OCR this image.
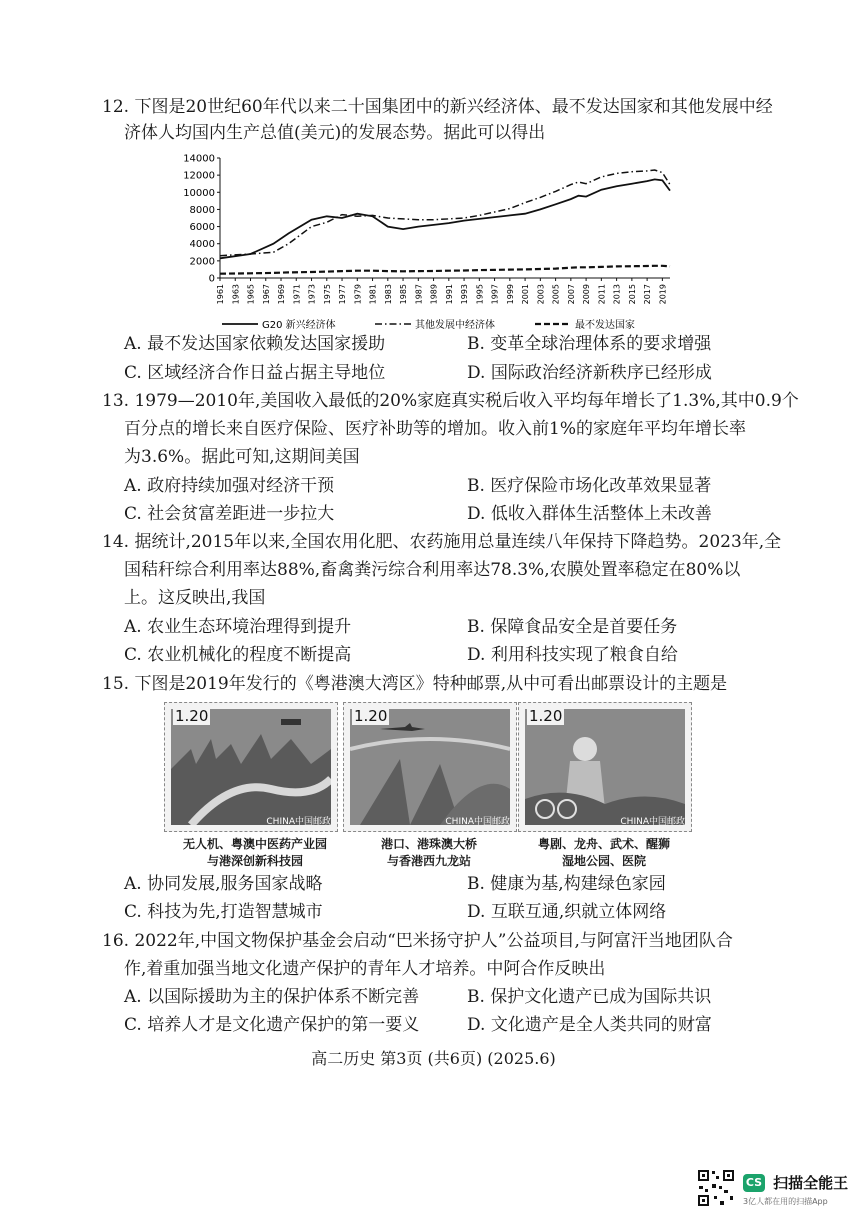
12. 下图是20世纪60年代以来二十国集团中的新兴经济体、最不发达国家和其他发展中经
济体人均国内生产总值(美元)的发展态势。据此可以得出
14000
12000
10000
8000
6000
4000
2000
0
1961 1963 1965 1967 1969 1971 1973 1975 1977 1979 1981 1983 1985 1987 1989 1991 1993 1995 1997 1999 2001 2003 2005 2007 2009 2011 2013 2015 2017 2019
G20 新兴经济体	其他发展中经济体	最不发达国家
A. 最不发达国家依赖发达国家援助	B. 变革全球治理体系的要求增强
C. 区域经济合作日益占据主导地位	D. 国际政治经济新秩序已经形成
13. 1979—2010年,美国收入最低的20%家庭真实税后收入平均每年增长了1.3%,其中0.9个
百分点的增长来自医疗保险、医疗补助等的增加。收入前1%的家庭年平均年增长率
为3.6%。据此可知,这期间美国
A. 政府持续加强对经济干预	B. 医疗保险市场化改革效果显著
C. 社会贫富差距进一步拉大	D. 低收入群体生活整体上未改善
14. 据统计,2015年以来,全国农用化肥、农药施用总量连续八年保持下降趋势。2023年,全
国秸秆综合利用率达88%,畜禽粪污综合利用率达78.3%,农膜处置率稳定在80%以
上。这反映出,我国
A. 农业生态环境治理得到提升	B. 保障食品安全是首要任务
C. 农业机械化的程度不断提高	D. 利用科技实现了粮食自给
15. 下图是2019年发行的《粤港澳大湾区》特种邮票,从中可看出邮票设计的主题是
1.20
CHINA中国邮政
1.20
CHINA中国邮政
1.20
CHINA中国邮政
无人机、粤澳中医药产业园
与港深创新科技园
港口、港珠澳大桥
与香港西九龙站
粤剧、龙舟、武术、醒狮
湿地公园、医院
A. 协同发展,服务国家战略	B. 健康为基,构建绿色家园
C. 科技为先,打造智慧城市	D. 互联互通,织就立体网络
16. 2022年,中国文物保护基金会启动“巴米扬守护人”公益项目,与阿富汗当地团队合
作,着重加强当地文化遗产保护的青年人才培养。中阿合作反映出
A. 以国际援助为主的保护体系不断完善	B. 保护文化遗产已成为国际共识
C. 培养人才是文化遗产保护的第一要义	D. 文化遗产是全人类共同的财富
高二历史 第3页 (共6页) (2025.6)
CS 扫描全能王
3亿人都在用的扫描App
